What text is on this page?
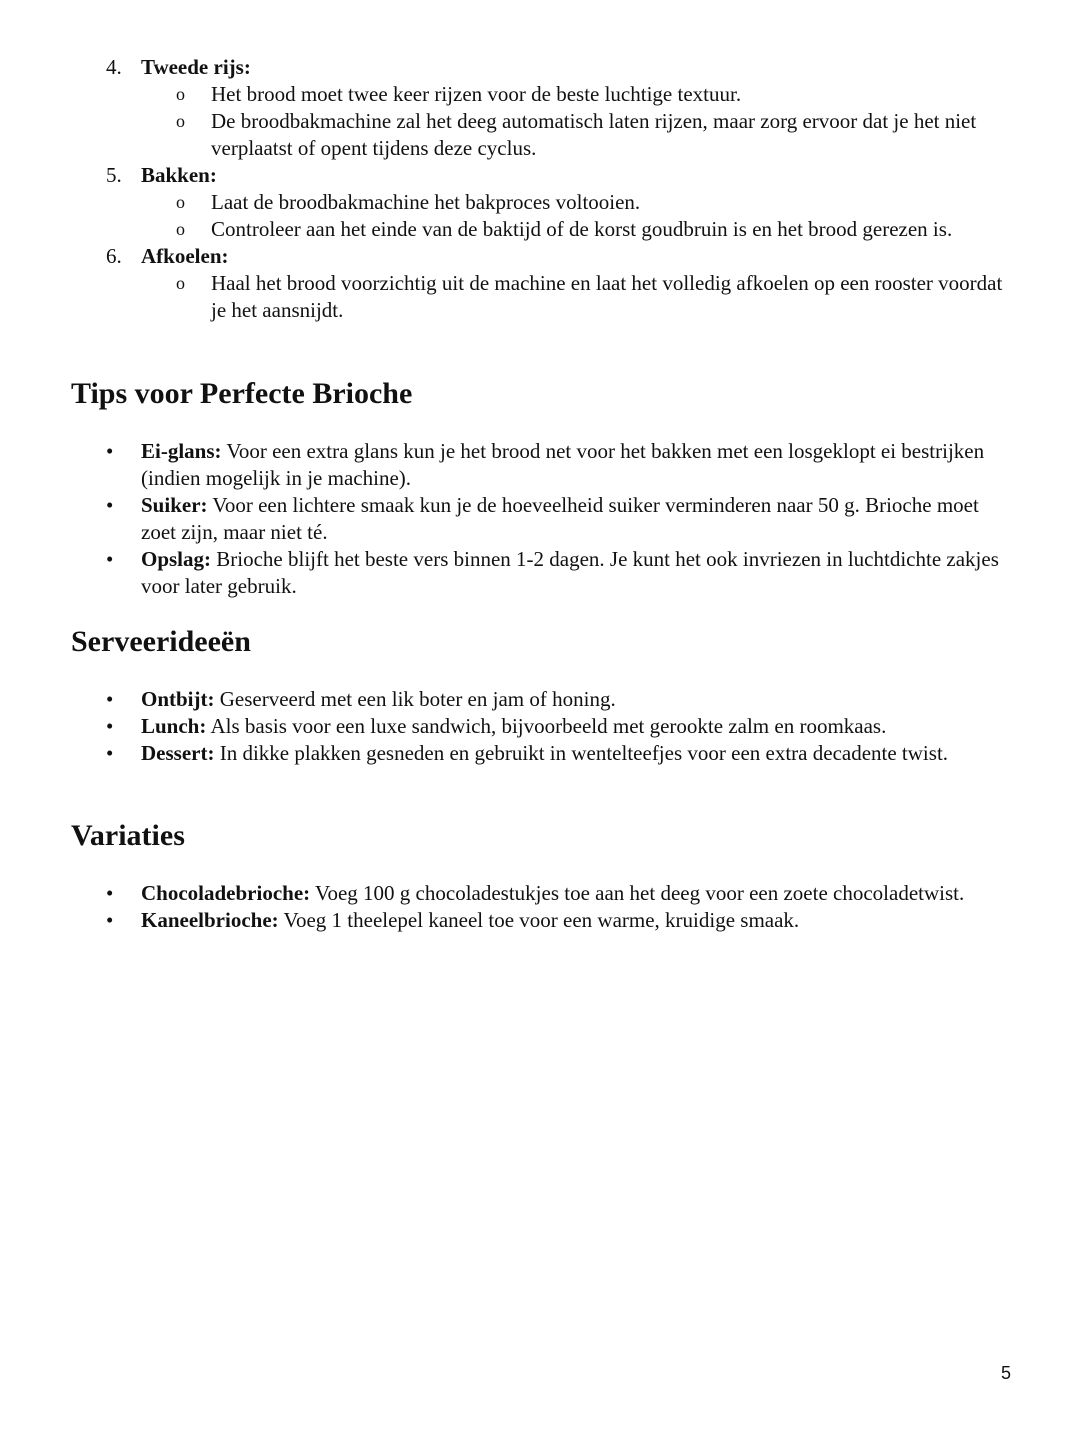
4. Tweede rijs:
o Het brood moet twee keer rijzen voor de beste luchtige textuur.
o De broodbakmachine zal het deeg automatisch laten rijzen, maar zorg ervoor dat je het niet verplaatst of opent tijdens deze cyclus.
5. Bakken:
o Laat de broodbakmachine het bakproces voltooien.
o Controleer aan het einde van de baktijd of de korst goudbruin is en het brood gerezen is.
6. Afkoelen:
o Haal het brood voorzichtig uit de machine en laat het volledig afkoelen op een rooster voordat je het aansnijdt.
Tips voor Perfecte Brioche
• Ei-glans: Voor een extra glans kun je het brood net voor het bakken met een losgeklopt ei bestrijken (indien mogelijk in je machine).
• Suiker: Voor een lichtere smaak kun je de hoeveelheid suiker verminderen naar 50 g. Brioche moet zoet zijn, maar niet té.
• Opslag: Brioche blijft het beste vers binnen 1-2 dagen. Je kunt het ook invriezen in luchtdichte zakjes voor later gebruik.
Serveerideeën
• Ontbijt: Geserveerd met een lik boter en jam of honing.
• Lunch: Als basis voor een luxe sandwich, bijvoorbeeld met gerookte zalm en roomkaas.
• Dessert: In dikke plakken gesneden en gebruikt in wentelteefjes voor een extra decadente twist.
Variaties
• Chocoladebrioche: Voeg 100 g chocoladestukjes toe aan het deeg voor een zoete chocoladetwist.
• Kaneelbrioche: Voeg 1 theelepel kaneel toe voor een warme, kruidige smaak.
5
